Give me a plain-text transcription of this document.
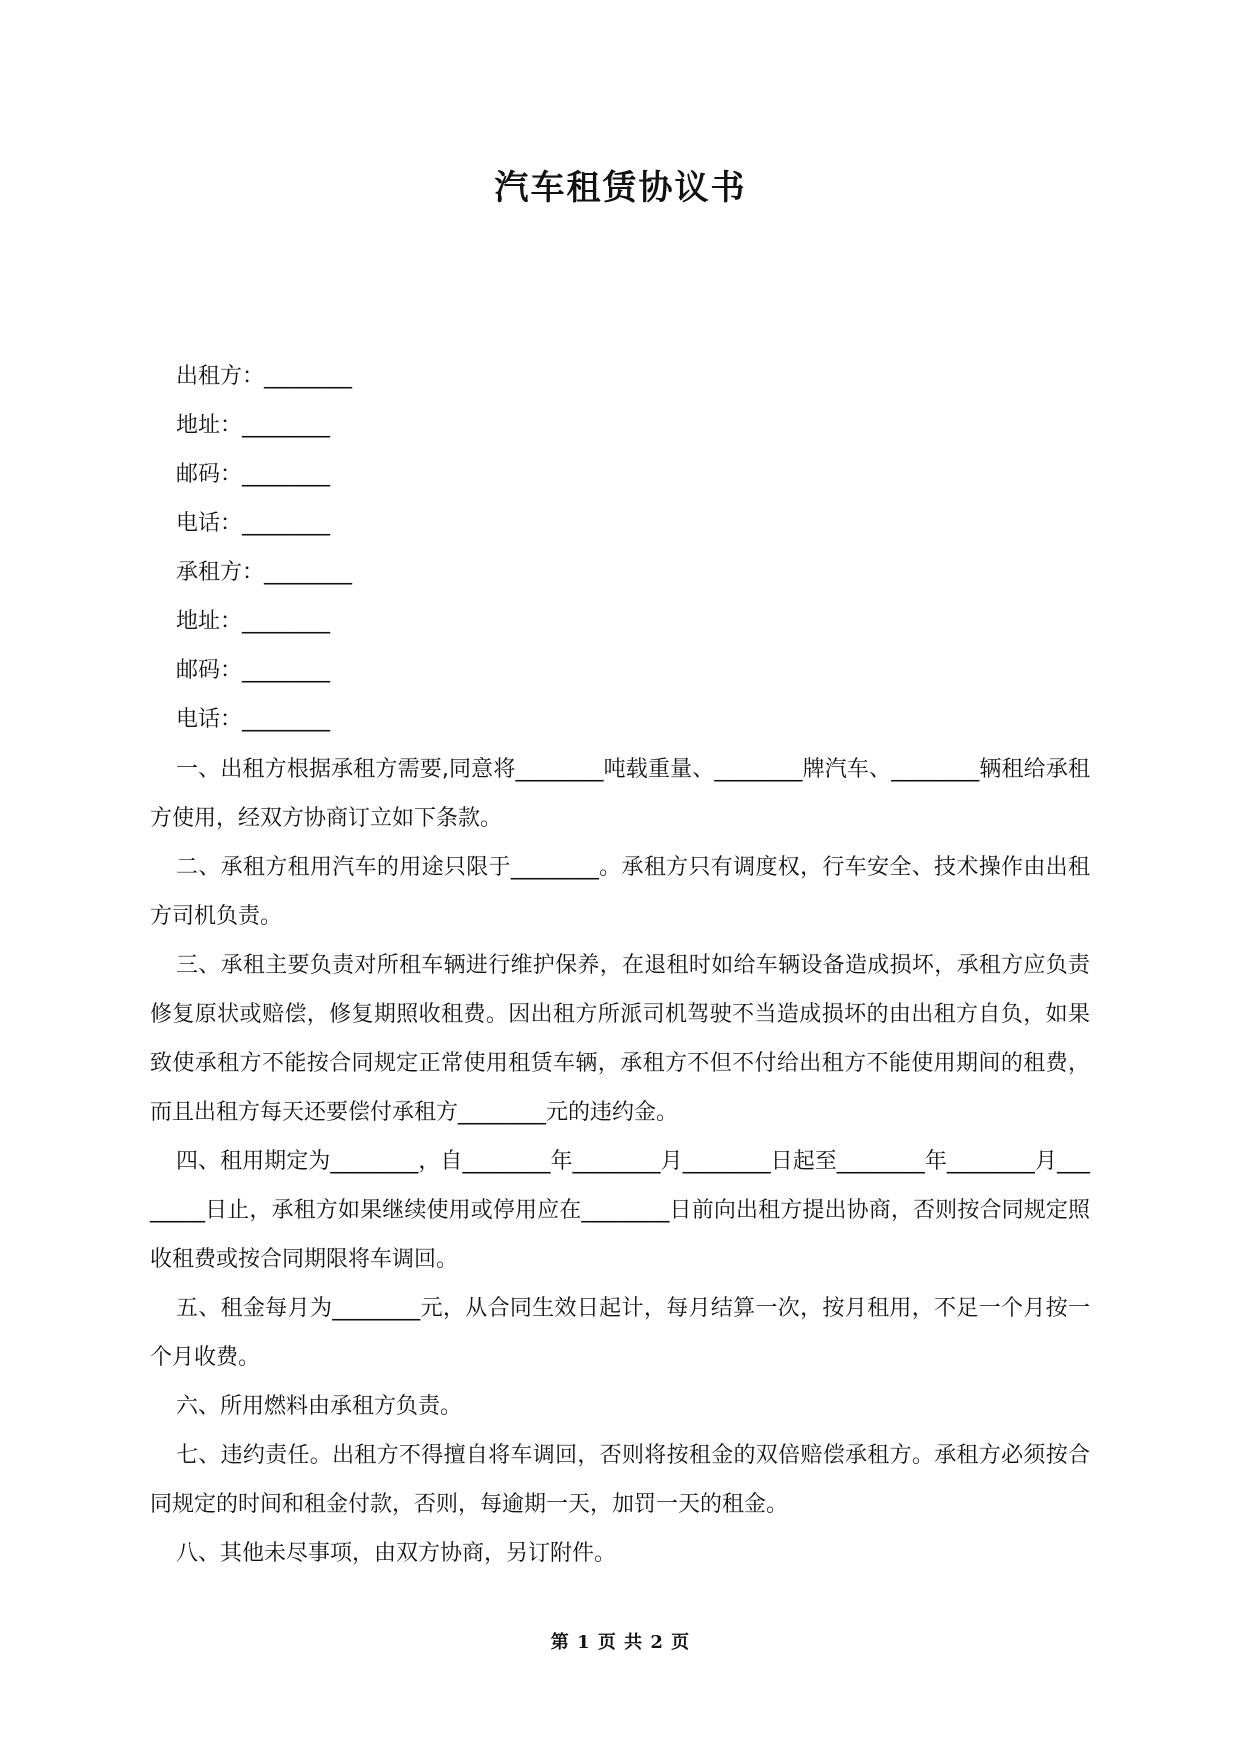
汽车租赁协议书
出租方：________
地址：________
邮码：________
电话：________
承租方：________
地址：________
邮码：________
电话：________

一、出租方根据承租方需要,同意将________吨载重量、________牌汽车、________辆租给承租方使用，经双方协商订立如下条款。

二、承租方租用汽车的用途只限于________。承租方只有调度权，行车安全、技术操作由出租方司机负责。

三、承租主要负责对所租车辆进行维护保养，在退租时如给车辆设备造成损坏，承租方应负责修复原状或赔偿，修复期照收租费。因出租方所派司机驾驶不当造成损坏的由出租方自负，如果致使承租方不能按合同规定正常使用租赁车辆，承租方不但不付给出租方不能使用期间的租费，而且出租方每天还要偿付承租方________元的违约金。

四、租用期定为________，自________年________月________日起至________年________月________日止，承租方如果继续使用或停用应在________日前向出租方提出协商，否则按合同规定照收租费或按合同期限将车调回。

五、租金每月为________元，从合同生效日起计，每月结算一次，按月租用，不足一个月按一个月收费。

六、所用燃料由承租方负责。

七、违约责任。出租方不得擅自将车调回，否则将按租金的双倍赔偿承租方。承租方必须按合同规定的时间和租金付款，否则，每逾期一天，加罚一天的租金。

八、其他未尽事项，由双方协商，另订附件。

第 1 页 共 2 页
